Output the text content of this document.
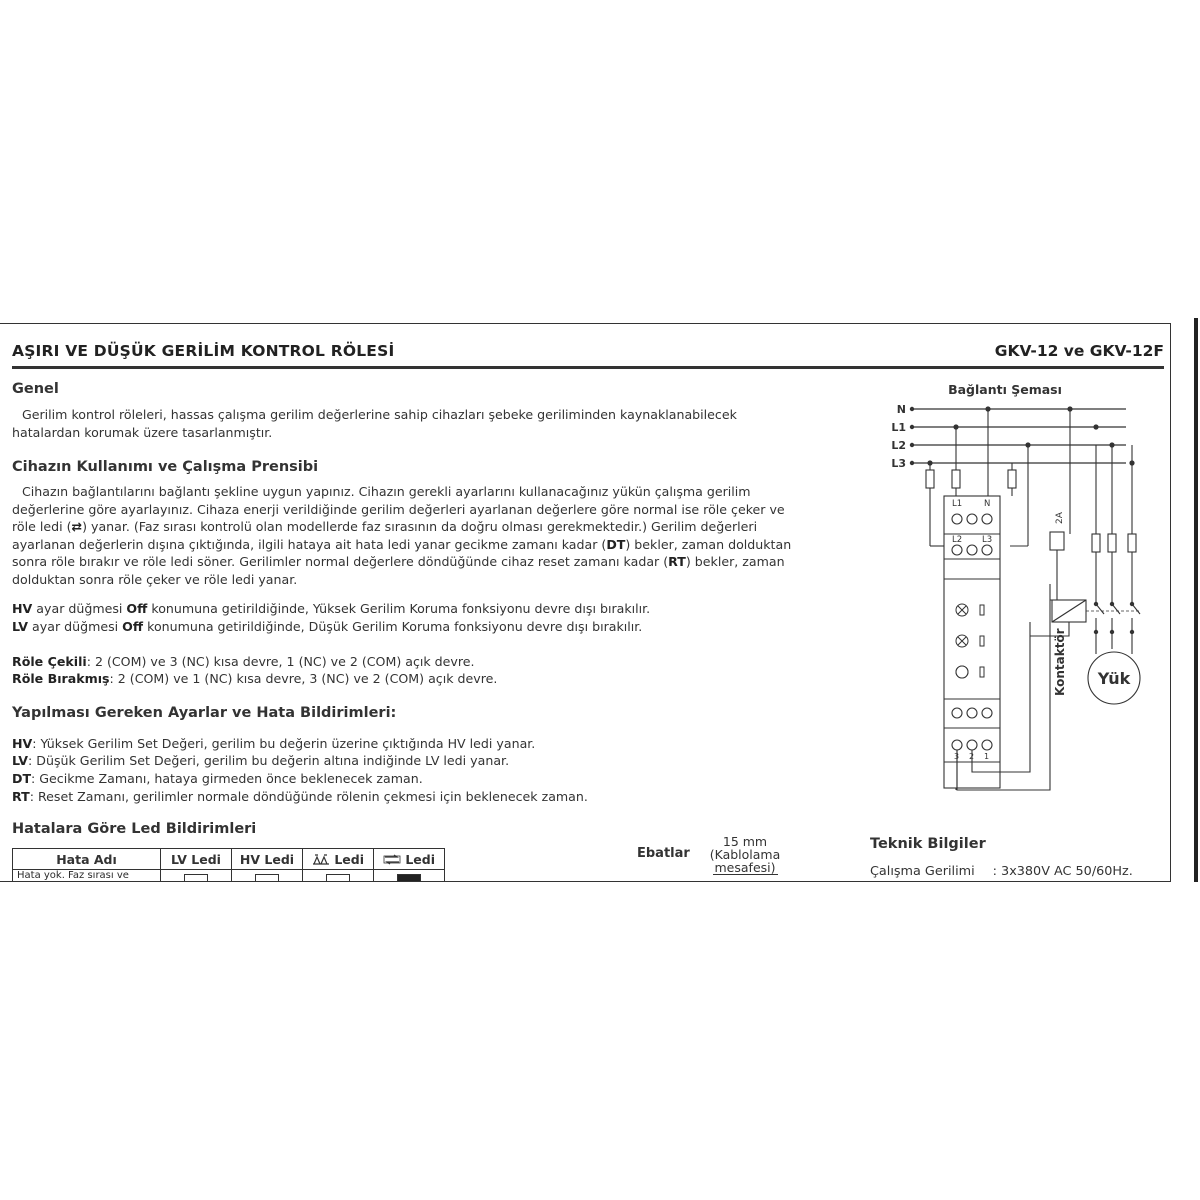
AŞIRI VE DÜŞÜK GERİLİM KONTROL RÖLESİ	GKV-12 ve GKV-12F
Genel
Gerilim kontrol röleleri, hassas çalışma gerilim değerlerine sahip cihazları şebeke geriliminden kaynaklanabilecek hatalardan korumak üzere tasarlanmıştır.
Cihazın Kullanımı ve Çalışma Prensibi
Cihazın bağlantılarını bağlantı şekline uygun yapınız. Cihazın gerekli ayarlarını kullanacağınız yükün çalışma gerilim değerlerine göre ayarlayınız. Cihaza enerji verildiğinde gerilim değerleri ayarlanan değerlere göre normal ise röle çeker ve röle ledi (⇄) yanar. (Faz sırası kontrolü olan modellerde faz sırasının da doğru olması gerekmektedir.) Gerilim değerleri ayarlanan değerlerin dışına çıktığında, ilgili hataya ait hata ledi yanar gecikme zamanı kadar (DT) bekler, zaman dolduktan sonra röle bırakır ve röle ledi söner. Gerilimler normal değerlere döndüğünde cihaz reset zamanı kadar (RT) bekler, zaman dolduktan sonra röle çeker ve röle ledi yanar.
HV ayar düğmesi Off konumuna getirildiğinde, Yüksek Gerilim Koruma fonksiyonu devre dışı bırakılır.
LV ayar düğmesi Off konumuna getirildiğinde, Düşük Gerilim Koruma fonksiyonu devre dışı bırakılır.
Röle Çekili: 2 (COM) ve 3 (NC) kısa devre, 1 (NC) ve 2 (COM) açık devre.
Röle Bırakmış: 2 (COM) ve 1 (NC) kısa devre, 3 (NC) ve 2 (COM) açık devre.
Yapılması Gereken Ayarlar ve Hata Bildirimleri:
HV: Yüksek Gerilim Set Değeri, gerilim bu değerin üzerine çıktığında HV ledi yanar.
LV: Düşük Gerilim Set Değeri, gerilim bu değerin altına indiğinde LV ledi yanar.
DT: Gecikme Zamanı, hataya girmeden önce beklenecek zaman.
RT: Reset Zamanı, gerilimler normale döndüğünde rölenin çekmesi için beklenecek zaman.
Hatalara Göre Led Bildirimleri
Hata Adı	LV Ledi	HV Ledi	Ledi	Ledi
Hata yok. Faz sırası ve				
Ebatlar
15 mm
(Kablolama
mesafesi)
Teknik Bilgiler
Çalışma Gerilimi : 3x380V AC 50/60Hz.
Bağlantı Şeması
N
L1
L2
L3
L1	N
L2 L3
3 2 1
2A
Yük
Kontaktör
